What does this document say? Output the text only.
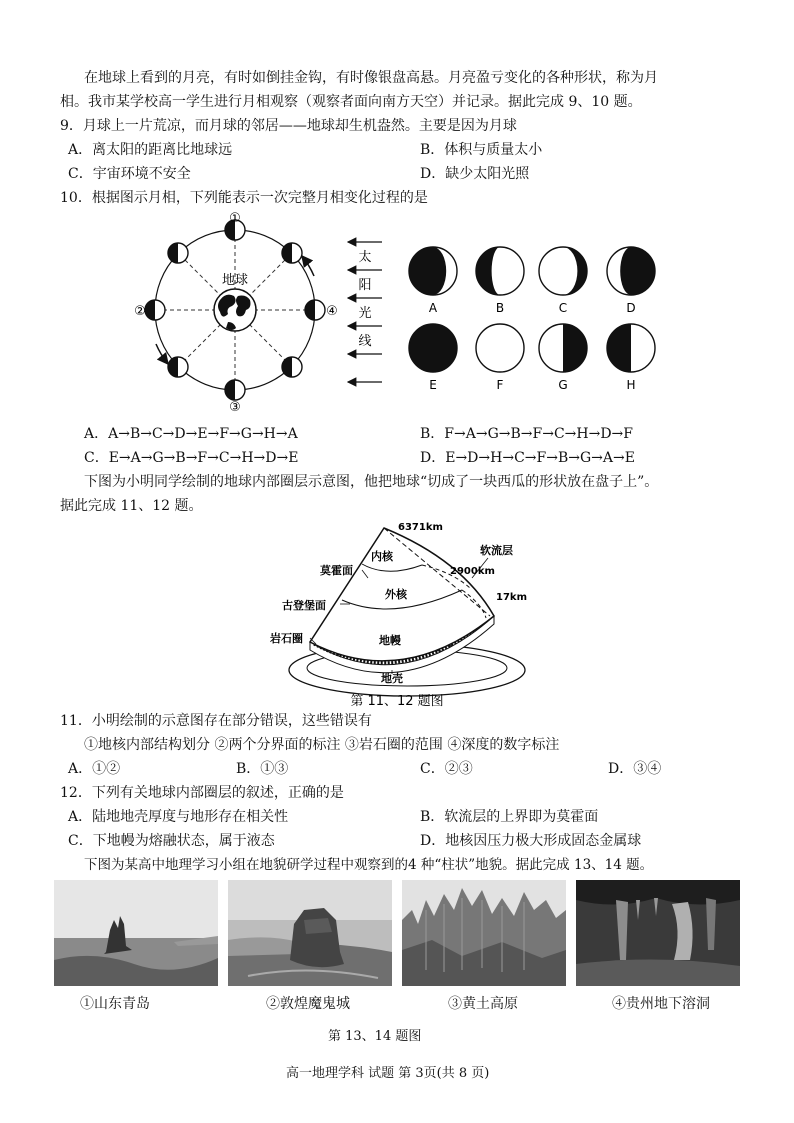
在地球上看到的月亮，有时如倒挂金钩，有时像银盘高悬。月亮盈亏变化的各种形状，称为月
相。我市某学校高一学生进行月相观察（观察者面向南方天空）并记录。据此完成 9、10 题。
9．月球上一片荒凉，而月球的邻居——地球却生机盎然。主要是因为月球
A．离太阳的距离比地球远	B．体积与质量太小
C．宇宙环境不安全	D．缺少太阳光照
10．根据图示月相，下列能表示一次完整月相变化过程的是
地球
①
②
③
④
太
阳
光
线
A	B	C	D
E	F	G	H
A．A→B→C→D→E→F→G→H→A	B．F→A→G→B→F→C→H→D→F
C．E→A→G→B→F→C→H→D→E	D．E→D→H→C→F→B→G→A→E
下图为小明同学绘制的地球内部圈层示意图，他把地球“切成了一块西瓜的形状放在盘子上”。
据此完成 11、12 题。
6371km
内核
莫霍面
软流层
2900km
外核
古登堡面
17km
岩石圈	地幔
地壳
第 11、12 题图
11．小明绘制的示意图存在部分错误，这些错误有
①地核内部结构划分 ②两个分界面的标注 ③岩石圈的范围 ④深度的数字标注
A．①②	B．①③	C．②③	D．③④
12．下列有关地球内部圈层的叙述，正确的是
A．陆地地壳厚度与地形存在相关性	B．软流层的上界即为莫霍面
C．下地幔为熔融状态，属于液态	D．地核因压力极大形成固态金属球
下图为某高中地理学习小组在地貌研学过程中观察到的4 种“柱状”地貌。据此完成 13、14 题。
①山东青岛	②敦煌魔鬼城	③黄土高原	④贵州地下溶洞
第 13、14 题图
高一地理学科 试题 第 3页(共 8 页)
